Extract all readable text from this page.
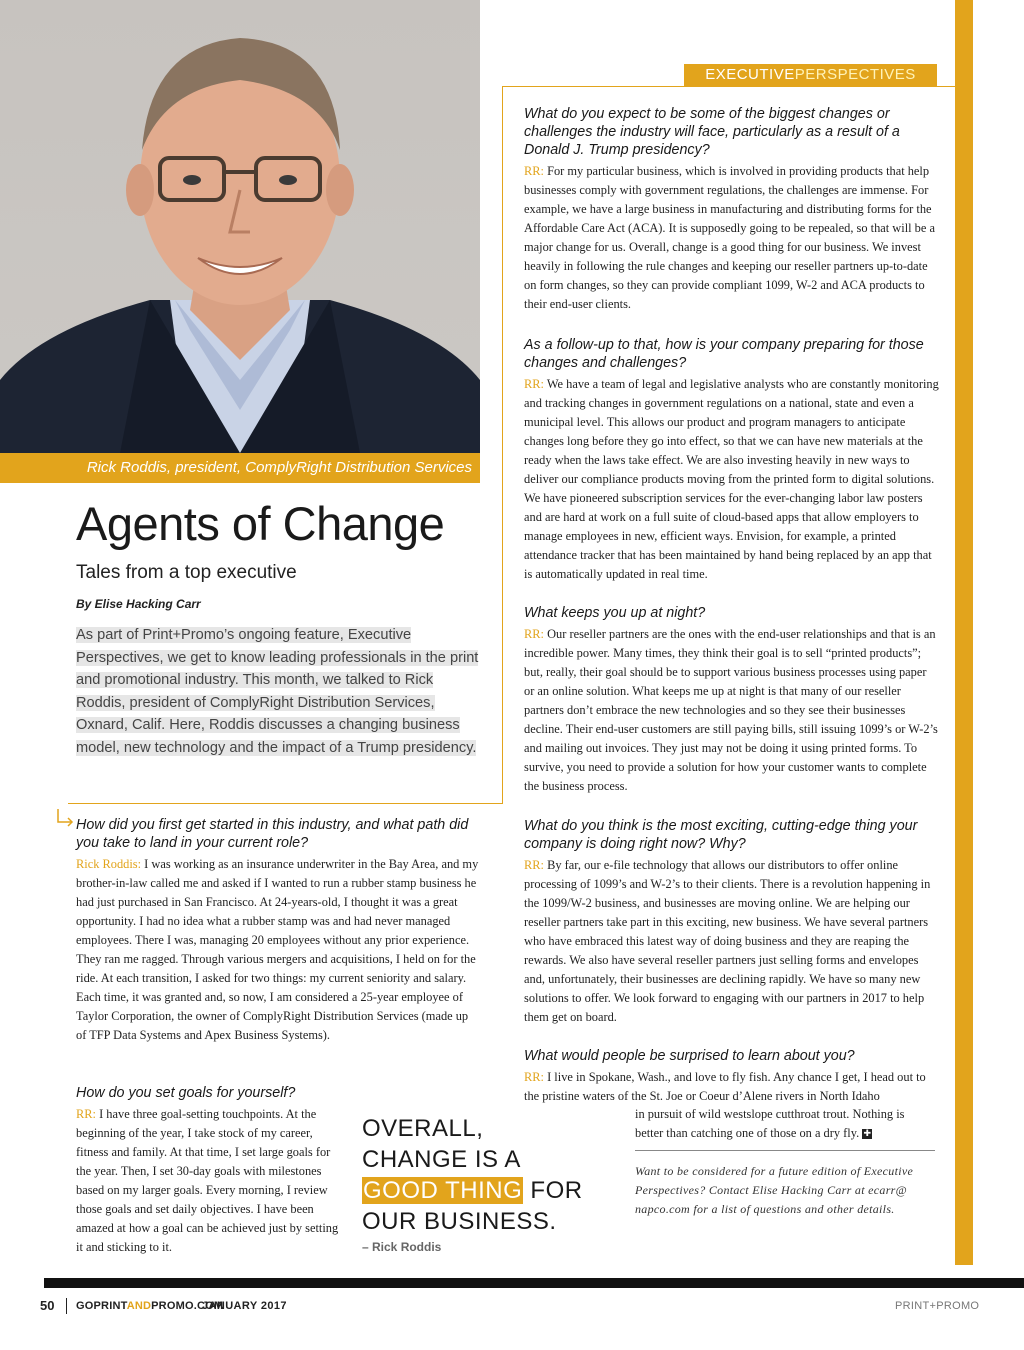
EXECUTIVEPERSPECTIVES
Rick Roddis, president, ComplyRight Distribution Services
Agents of Change
Tales from a top executive
By Elise Hacking Carr
As part of Print+Promo’s ongoing feature, Executive Perspectives, we get to know leading professionals in the print and promotional industry. This month, we talked to Rick Roddis, president of ComplyRight Distribution Services, Oxnard, Calif. Here, Roddis discusses a changing business model, new technology and the impact of a Trump presidency.

How did you first get started in this industry, and what path did you take to land in your current role?

Rick Roddis: I was working as an insurance underwriter in the Bay Area, and my brother-in-law called me and asked if I wanted to run a rubber stamp business he had just purchased in San Francisco. At 24-years-old, I thought it was a great opportunity. I had no idea what a rubber stamp was and had never managed employees. There I was, managing 20 employees without any prior experience. They ran me ragged. Through various mergers and acquisitions, I held on for the ride. At each transition, I asked for two things: my current seniority and salary. Each time, it was granted and, so now, I am considered a 25-year employee of Taylor Corporation, the owner of ComplyRight Distribution Services (made up of TFP Data Systems and Apex Business Systems).

How do you set goals for yourself?

RR: I have three goal-setting touchpoints. At the beginning of the year, I take stock of my career, fitness and family. At that time, I set large goals for the year. Then, I set 30-day goals with milestones based on my larger goals. Every morning, I review those goals and set daily objectives. I have been amazed at how a goal can be achieved just by setting it and sticking to it.

What do you expect to be some of the biggest changes or challenges the industry will face, particularly as a result of a Donald J. Trump presidency?

RR: For my particular business, which is involved in providing products that help businesses comply with government regulations, the challenges are immense. For example, we have a large business in manufacturing and distributing forms for the Affordable Care Act (ACA). It is supposedly going to be repealed, so that will be a major change for us. Overall, change is a good thing for our business. We invest heavily in following the rule changes and keeping our reseller partners up-to-date on form changes, so they can provide compliant 1099, W-2 and ACA products to their end-user clients.

As a follow-up to that, how is your company preparing for those changes and challenges?

RR: We have a team of legal and legislative analysts who are constantly monitoring and tracking changes in government regulations on a national, state and even a municipal level. This allows our product and program managers to anticipate changes long before they go into effect, so that we can have new materials at the ready when the laws take effect. We are also investing heavily in new ways to deliver our compliance products moving from the printed form to digital solutions. We have pioneered subscription services for the ever-changing labor law posters and are hard at work on a full suite of cloud-based apps that allow employers to manage employees in new, efficient ways. Envision, for example, a printed attendance tracker that has been maintained by hand being replaced by an app that is automatically updated in real time.

What keeps you up at night?

RR: Our reseller partners are the ones with the end-user relationships and that is an incredible power. Many times, they think their goal is to sell “printed products”; but, really, their goal should be to support various business processes using paper or an online solution. What keeps me up at night is that many of our reseller partners don’t embrace the new technologies and so they see their businesses decline. Their end-user customers are still paying bills, still issuing 1099’s or W-2’s and mailing out invoices. They just may not be doing it using printed forms. To survive, you need to provide a solution for how your customer wants to complete the business process.

What do you think is the most exciting, cutting-edge thing your company is doing right now? Why?

RR: By far, our e-file technology that allows our distributors to offer online processing of 1099’s and W-2’s to their clients. There is a revolution happening in the 1099/W-2 business, and businesses are moving online. We are helping our reseller partners take part in this exciting, new business. We have several partners who have embraced this latest way of doing business and they are reaping the rewards. We also have several reseller partners just selling forms and envelopes and, unfortunately, their businesses are declining rapidly. We have so many new solutions to offer. We look forward to engaging with our partners in 2017 to help them get on board.

What would people be surprised to learn about you?

RR: I live in Spokane, Wash., and love to fly fish. Any chance I get, I head out to the pristine waters of the St. Joe or Coeur d’Alene rivers in North Idaho

in pursuit of wild westslope cutthroat trout. Nothing is better than catching one of those on a dry fly. ✚

OVERALL,
CHANGE IS A
GOOD THING FOR
OUR BUSINESS.
– Rick Roddis
Want to be considered for a future edition of Executive Perspectives? Contact Elise Hacking Carr at ecarr@ napco.com for a list of questions and other details.
50 GOPRINTANDPROMO.COM
JANUARY 2017	PRINT+PROMO
